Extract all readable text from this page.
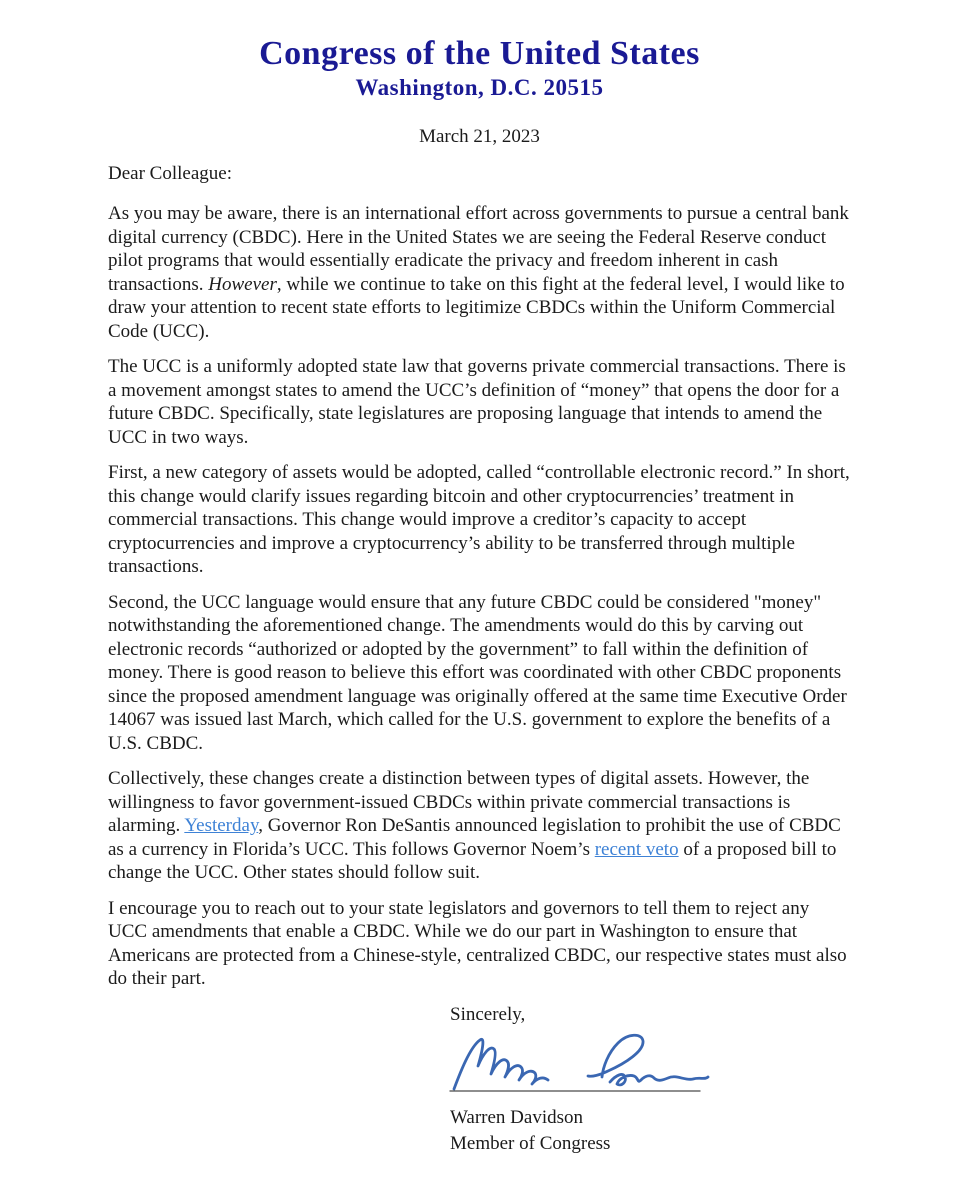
Congress of the United States
Washington, D.C. 20515
March 21, 2023
Dear Colleague:

As you may be aware, there is an international effort across governments to pursue a central bank digital currency (CBDC). Here in the United States we are seeing the Federal Reserve conduct pilot programs that would essentially eradicate the privacy and freedom inherent in cash transactions. However, while we continue to take on this fight at the federal level, I would like to draw your attention to recent state efforts to legitimize CBDCs within the Uniform Commercial Code (UCC).

The UCC is a uniformly adopted state law that governs private commercial transactions. There is a movement amongst states to amend the UCC’s definition of “money” that opens the door for a future CBDC. Specifically, state legislatures are proposing language that intends to amend the UCC in two ways.

First, a new category of assets would be adopted, called “controllable electronic record.” In short, this change would clarify issues regarding bitcoin and other cryptocurrencies’ treatment in commercial transactions. This change would improve a creditor’s capacity to accept cryptocurrencies and improve a cryptocurrency’s ability to be transferred through multiple transactions.

Second, the UCC language would ensure that any future CBDC could be considered "money" notwithstanding the aforementioned change. The amendments would do this by carving out electronic records “authorized or adopted by the government” to fall within the definition of money. There is good reason to believe this effort was coordinated with other CBDC proponents since the proposed amendment language was originally offered at the same time Executive Order 14067 was issued last March, which called for the U.S. government to explore the benefits of a U.S. CBDC.

Collectively, these changes create a distinction between types of digital assets. However, the willingness to favor government-issued CBDCs within private commercial transactions is alarming. Yesterday, Governor Ron DeSantis announced legislation to prohibit the use of CBDC as a currency in Florida’s UCC. This follows Governor Noem’s recent veto of a proposed bill to change the UCC. Other states should follow suit.

I encourage you to reach out to your state legislators and governors to tell them to reject any UCC amendments that enable a CBDC. While we do our part in Washington to ensure that Americans are protected from a Chinese-style, centralized CBDC, our respective states must also do their part.

Sincerely,
Warren Davidson
Member of Congress
